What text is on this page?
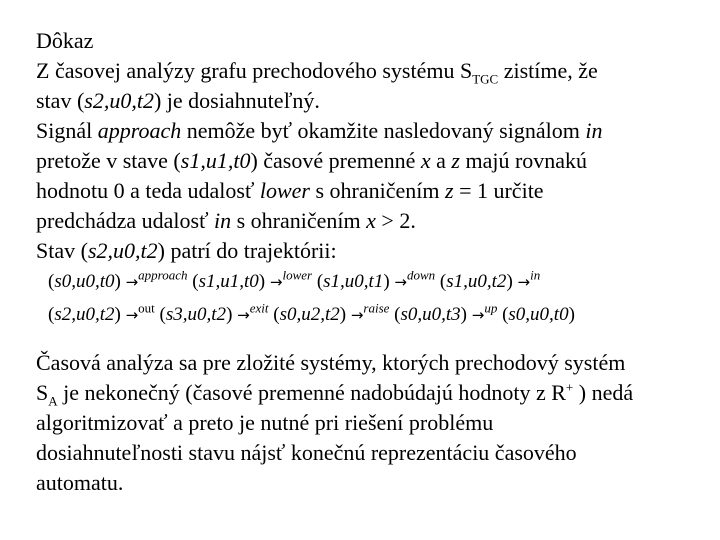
Dôkaz
Z časovej analýzy grafu prechodového systému $S_{TGC}$ zistíme, že
stav (s2,u0,t2) je dosiahnuteľný.
Signál approach nemôže byť okamžite nasledovaný signálom in
pretože v stave (s1,u1,t0) časové premenné x a z majú rovnakú
hodnotu 0 a teda udalosť lower s ohraničením z = 1 určite
predchádza udalosť in s ohraničením x > 2.
Stav (s2,u0,t2) patrí do trajektórii:
(s0,u0,t0) →$^{approach}$ (s1,u1,t0) →$^{lower}$ (s1,u0,t1) →$^{down}$ (s1,u0,t2) →$^{in}$
(s2,u0,t2) →$^{out}$ (s3,u0,t2) →$^{exit}$ (s0,u2,t2) →$^{raise}$ (s0,u0,t3) →$^{up}$ (s0,u0,t0)
Časová analýza sa pre zložité systémy, ktorých prechodový systém
$S_A$ je nekonečný (časové premenné nadobúdajú hodnoty z R+ ) nedá
algoritmizovať a preto je nutné pri riešení problému
dosiahnuteľnosti stavu nájsť konečnú reprezentáciu časového
automatu.
